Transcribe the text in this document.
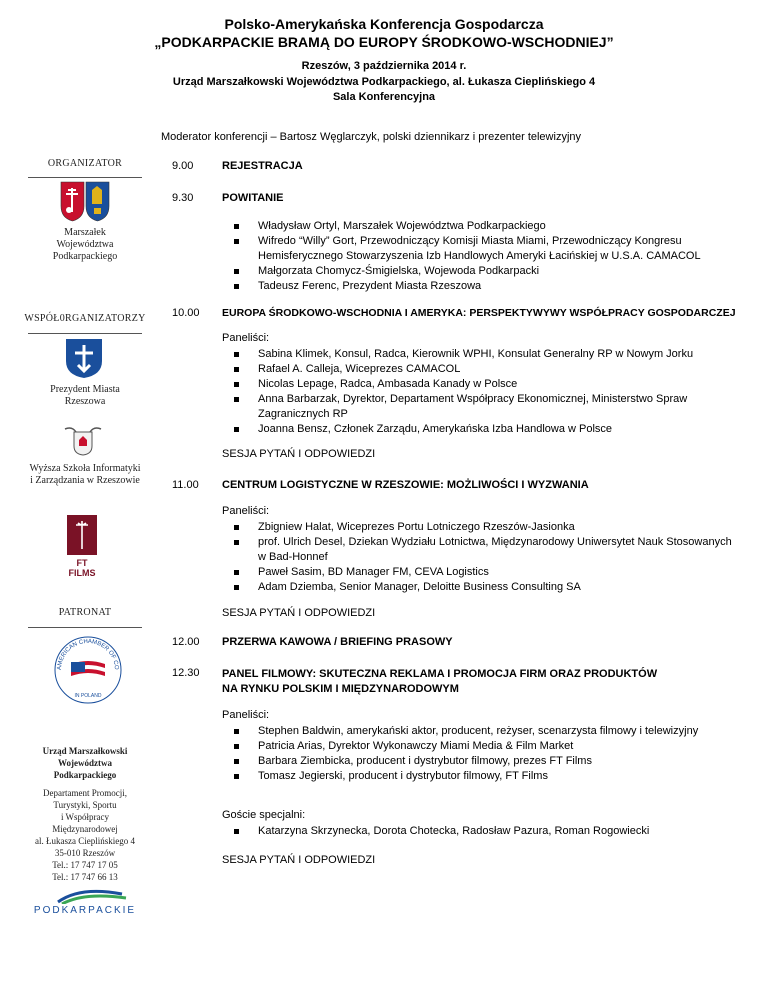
Polsko-Amerykańska Konferencja Gospodarcza
„PODKARPACKIE BRAMĄ DO EUROPY ŚRODKOWO-WSCHODNIEJ”
Rzeszów, 3 października 2014 r.
Urząd Marszałkowski Województwa Podkarpackiego, al. Łukasza Cieplińskiego 4
Sala Konferencyjna
Moderator konferencji – Bartosz Węglarczyk, polski dziennikarz i prezenter telewizyjny
ORGANIZATOR
Marszałek
Województwa
Podkarpackiego
WSPÓŁ0RGANIZATORZY
Prezydent Miasta
Rzeszowa
Wyższa Szkoła Informatyki
i Zarządzania w Rzeszowie
FT FILMS
PATRONAT
AMERICAN CHAMBER OF CO
IN POLAND
Urząd Marszałkowski
Województwa
Podkarpackiego
Departament Promocji,
Turystyki, Sportu
i Współpracy
Międzynarodowej
al. Łukasza Cieplińskiego 4
35-010 Rzeszów
Tel.: 17 747 17 05
Tel.: 17 747 66 13
PODKARPACKIE
9.00	REJESTRACJA
9.30	POWITANIE
Władysław Ortyl, Marszałek Województwa Podkarpackiego
Wifredo “Willy” Gort, Przewodniczący Komisji Miasta Miami, Przewodniczący Kongresu Hemisferycznego Stowarzyszenia Izb Handlowych Ameryki Łacińskiej w U.S.A. CAMACOL
Małgorzata Chomycz-Śmigielska, Wojewoda Podkarpacki
Tadeusz Ferenc, Prezydent Miasta Rzeszowa
10.00 EUROPA ŚRODKOWO-WSCHODNIA I AMERYKA: PERSPEKTYWYWY WSPÓŁPRACY GOSPODARCZEJ
Paneliści:
Sabina Klimek, Konsul, Radca, Kierownik WPHI, Konsulat Generalny RP w Nowym Jorku
Rafael A. Calleja, Wiceprezes CAMACOL
Nicolas Lepage, Radca, Ambasada Kanady w Polsce
Anna Barbarzak, Dyrektor, Departament Współpracy Ekonomicznej, Ministerstwo Spraw Zagranicznych RP
Joanna Bensz, Członek Zarządu, Amerykańska Izba Handlowa w Polsce
SESJA PYTAŃ I ODPOWIEDZI
11.00 CENTRUM LOGISTYCZNE W RZESZOWIE: MOŻLIWOŚCI I WYZWANIA
Paneliści:
Zbigniew Halat, Wiceprezes Portu Lotniczego Rzeszów-Jasionka
prof. Ulrich Desel, Dziekan Wydziału Lotnictwa, Międzynarodowy Uniwersytet Nauk Stosowanych w Bad-Honnef
Paweł Sasim, BD Manager FM, CEVA Logistics
Adam Dziemba, Senior Manager, Deloitte Business Consulting SA
SESJA PYTAŃ I ODPOWIEDZI
12.00 PRZERWA KAWOWA / BRIEFING PRASOWY
12.30 PANEL FILMOWY: SKUTECZNA REKLAMA I PROMOCJA FIRM ORAZ PRODUKTÓW
NA RYNKU POLSKIM I MIĘDZYNARODOWYM
Paneliści:
Stephen Baldwin, amerykański aktor, producent, reżyser, scenarzysta filmowy i telewizyjny
Patricia Arias, Dyrektor Wykonawczy Miami Media & Film Market
Barbara Ziembicka, producent i dystrybutor filmowy, prezes FT Films
Tomasz Jegierski, producent i dystrybutor filmowy, FT Films
Goście specjalni:
Katarzyna Skrzynecka, Dorota Chotecka, Radosław Pazura, Roman Rogowiecki
SESJA PYTAŃ I ODPOWIEDZI
